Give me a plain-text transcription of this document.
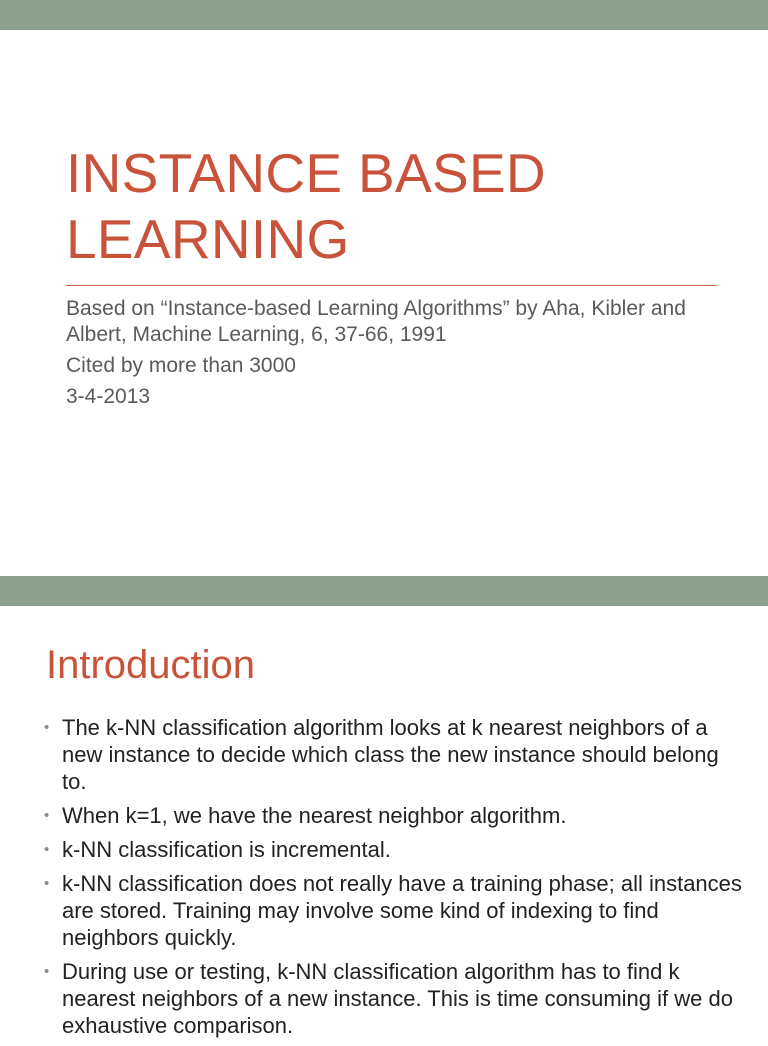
INSTANCE BASED
LEARNING

Based on “Instance-based Learning Algorithms” by Aha, Kibler and Albert, Machine Learning, 6, 37-66, 1991

Cited by more than 3000

3-4-2013

Introduction
• The k-NN classification algorithm looks at k nearest neighbors of a new instance to decide which class the new instance should belong to.
• When k=1, we have the nearest neighbor algorithm.
• k-NN classification is incremental.
• k-NN classification does not really have a training phase; all instances are stored. Training may involve some kind of indexing to find neighbors quickly.
• During use or testing, k-NN classification algorithm has to find k nearest neighbors of a new instance. This is time consuming if we do exhaustive comparison.
